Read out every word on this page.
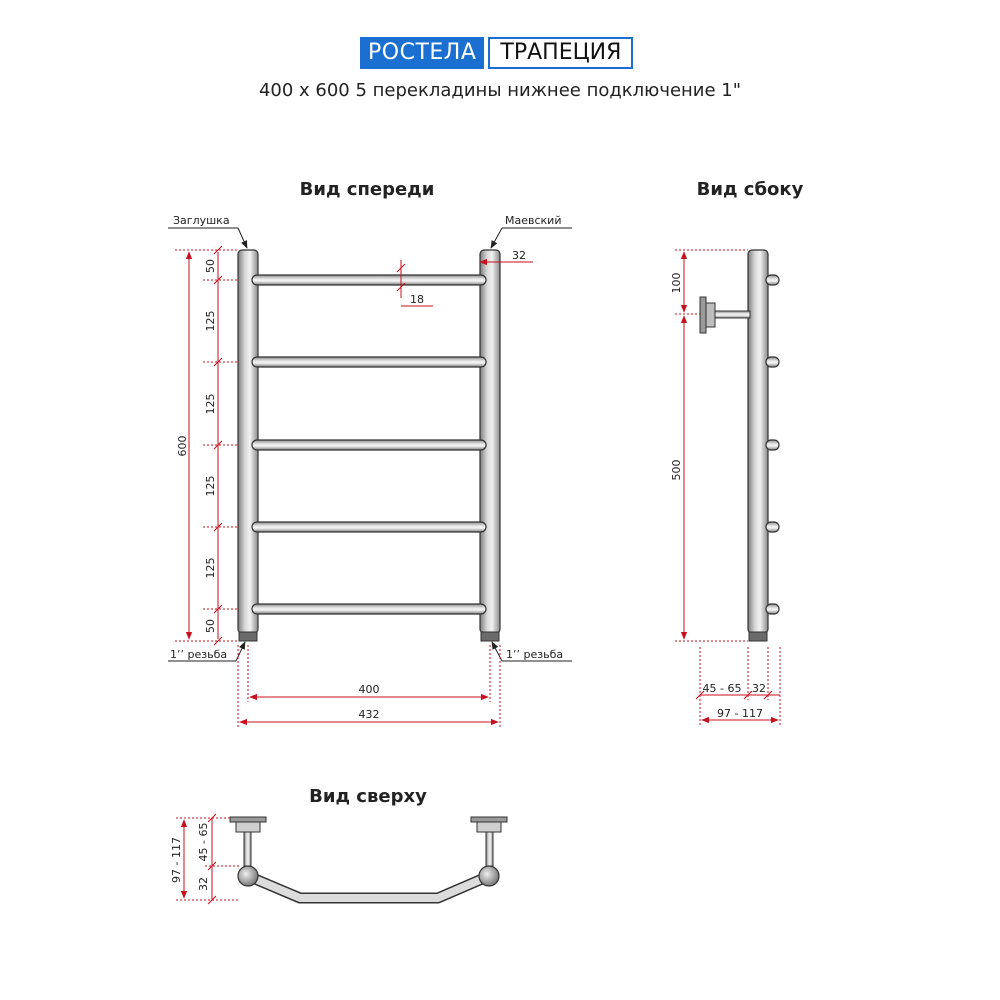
РОСТЕЛА	ТРАПЕЦИЯ
400 x 600 5 перекладины нижнее подключение 1"
Вид спереди
Заглушка	Маевский
1’’ резьба	1’’ резьба
600
50
125
125
125
125
50
32
18
400
432
Вид сбоку
100
500
45 - 65 32
97 - 117
Вид сверху
97 - 117
32
45 - 65
